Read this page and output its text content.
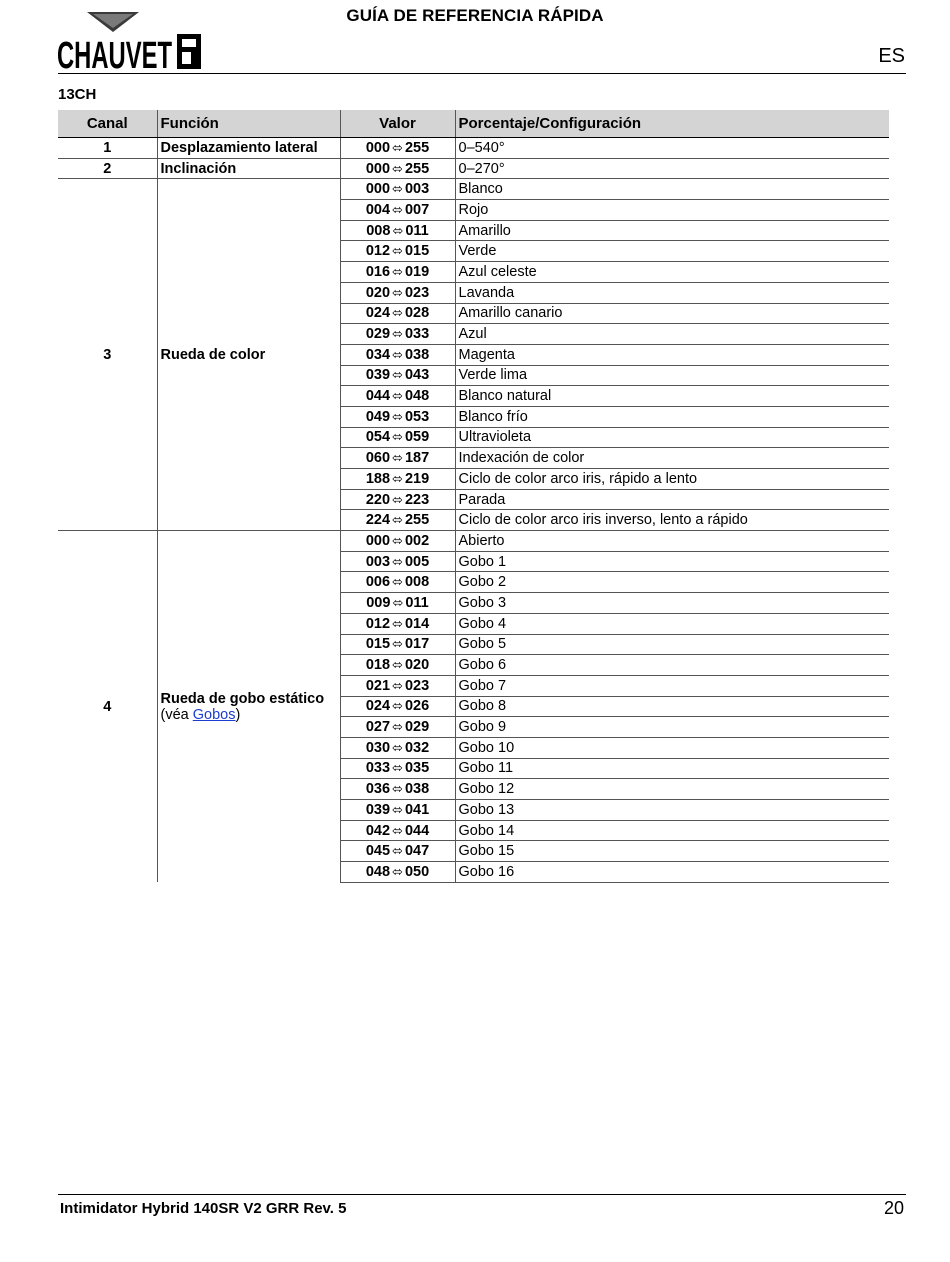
GUÍA DE REFERENCIA RÁPIDA
CHAUVET	ES
13CH
Canal	Función	Valor	Porcentaje/Configuración
1	Desplazamiento lateral	000 ⬄ 255	0–540°
2	Inclinación	000 ⬄ 255	0–270°
3	Rueda de color	000 ⬄ 003	Blanco
		004 ⬄ 007	Rojo
		008 ⬄ 011	Amarillo
		012 ⬄ 015	Verde
		016 ⬄ 019	Azul celeste
		020 ⬄ 023	Lavanda
		024 ⬄ 028	Amarillo canario
		029 ⬄ 033	Azul
		034 ⬄ 038	Magenta
		039 ⬄ 043	Verde lima
		044 ⬄ 048	Blanco natural
		049 ⬄ 053	Blanco frío
		054 ⬄ 059	Ultravioleta
		060 ⬄ 187	Indexación de color
		188 ⬄ 219	Ciclo de color arco iris, rápido a lento
		220 ⬄ 223	Parada
		224 ⬄ 255	Ciclo de color arco iris inverso, lento a rápido
4	Rueda de gobo estático (véa Gobos)	000 ⬄ 002	Abierto
		003 ⬄ 005	Gobo 1
		006 ⬄ 008	Gobo 2
		009 ⬄ 011	Gobo 3
		012 ⬄ 014	Gobo 4
		015 ⬄ 017	Gobo 5
		018 ⬄ 020	Gobo 6
		021 ⬄ 023	Gobo 7
		024 ⬄ 026	Gobo 8
		027 ⬄ 029	Gobo 9
		030 ⬄ 032	Gobo 10
		033 ⬄ 035	Gobo 11
		036 ⬄ 038	Gobo 12
		039 ⬄ 041	Gobo 13
		042 ⬄ 044	Gobo 14
		045 ⬄ 047	Gobo 15
		048 ⬄ 050	Gobo 16
Intimidator Hybrid 140SR V2 GRR Rev. 5	20
